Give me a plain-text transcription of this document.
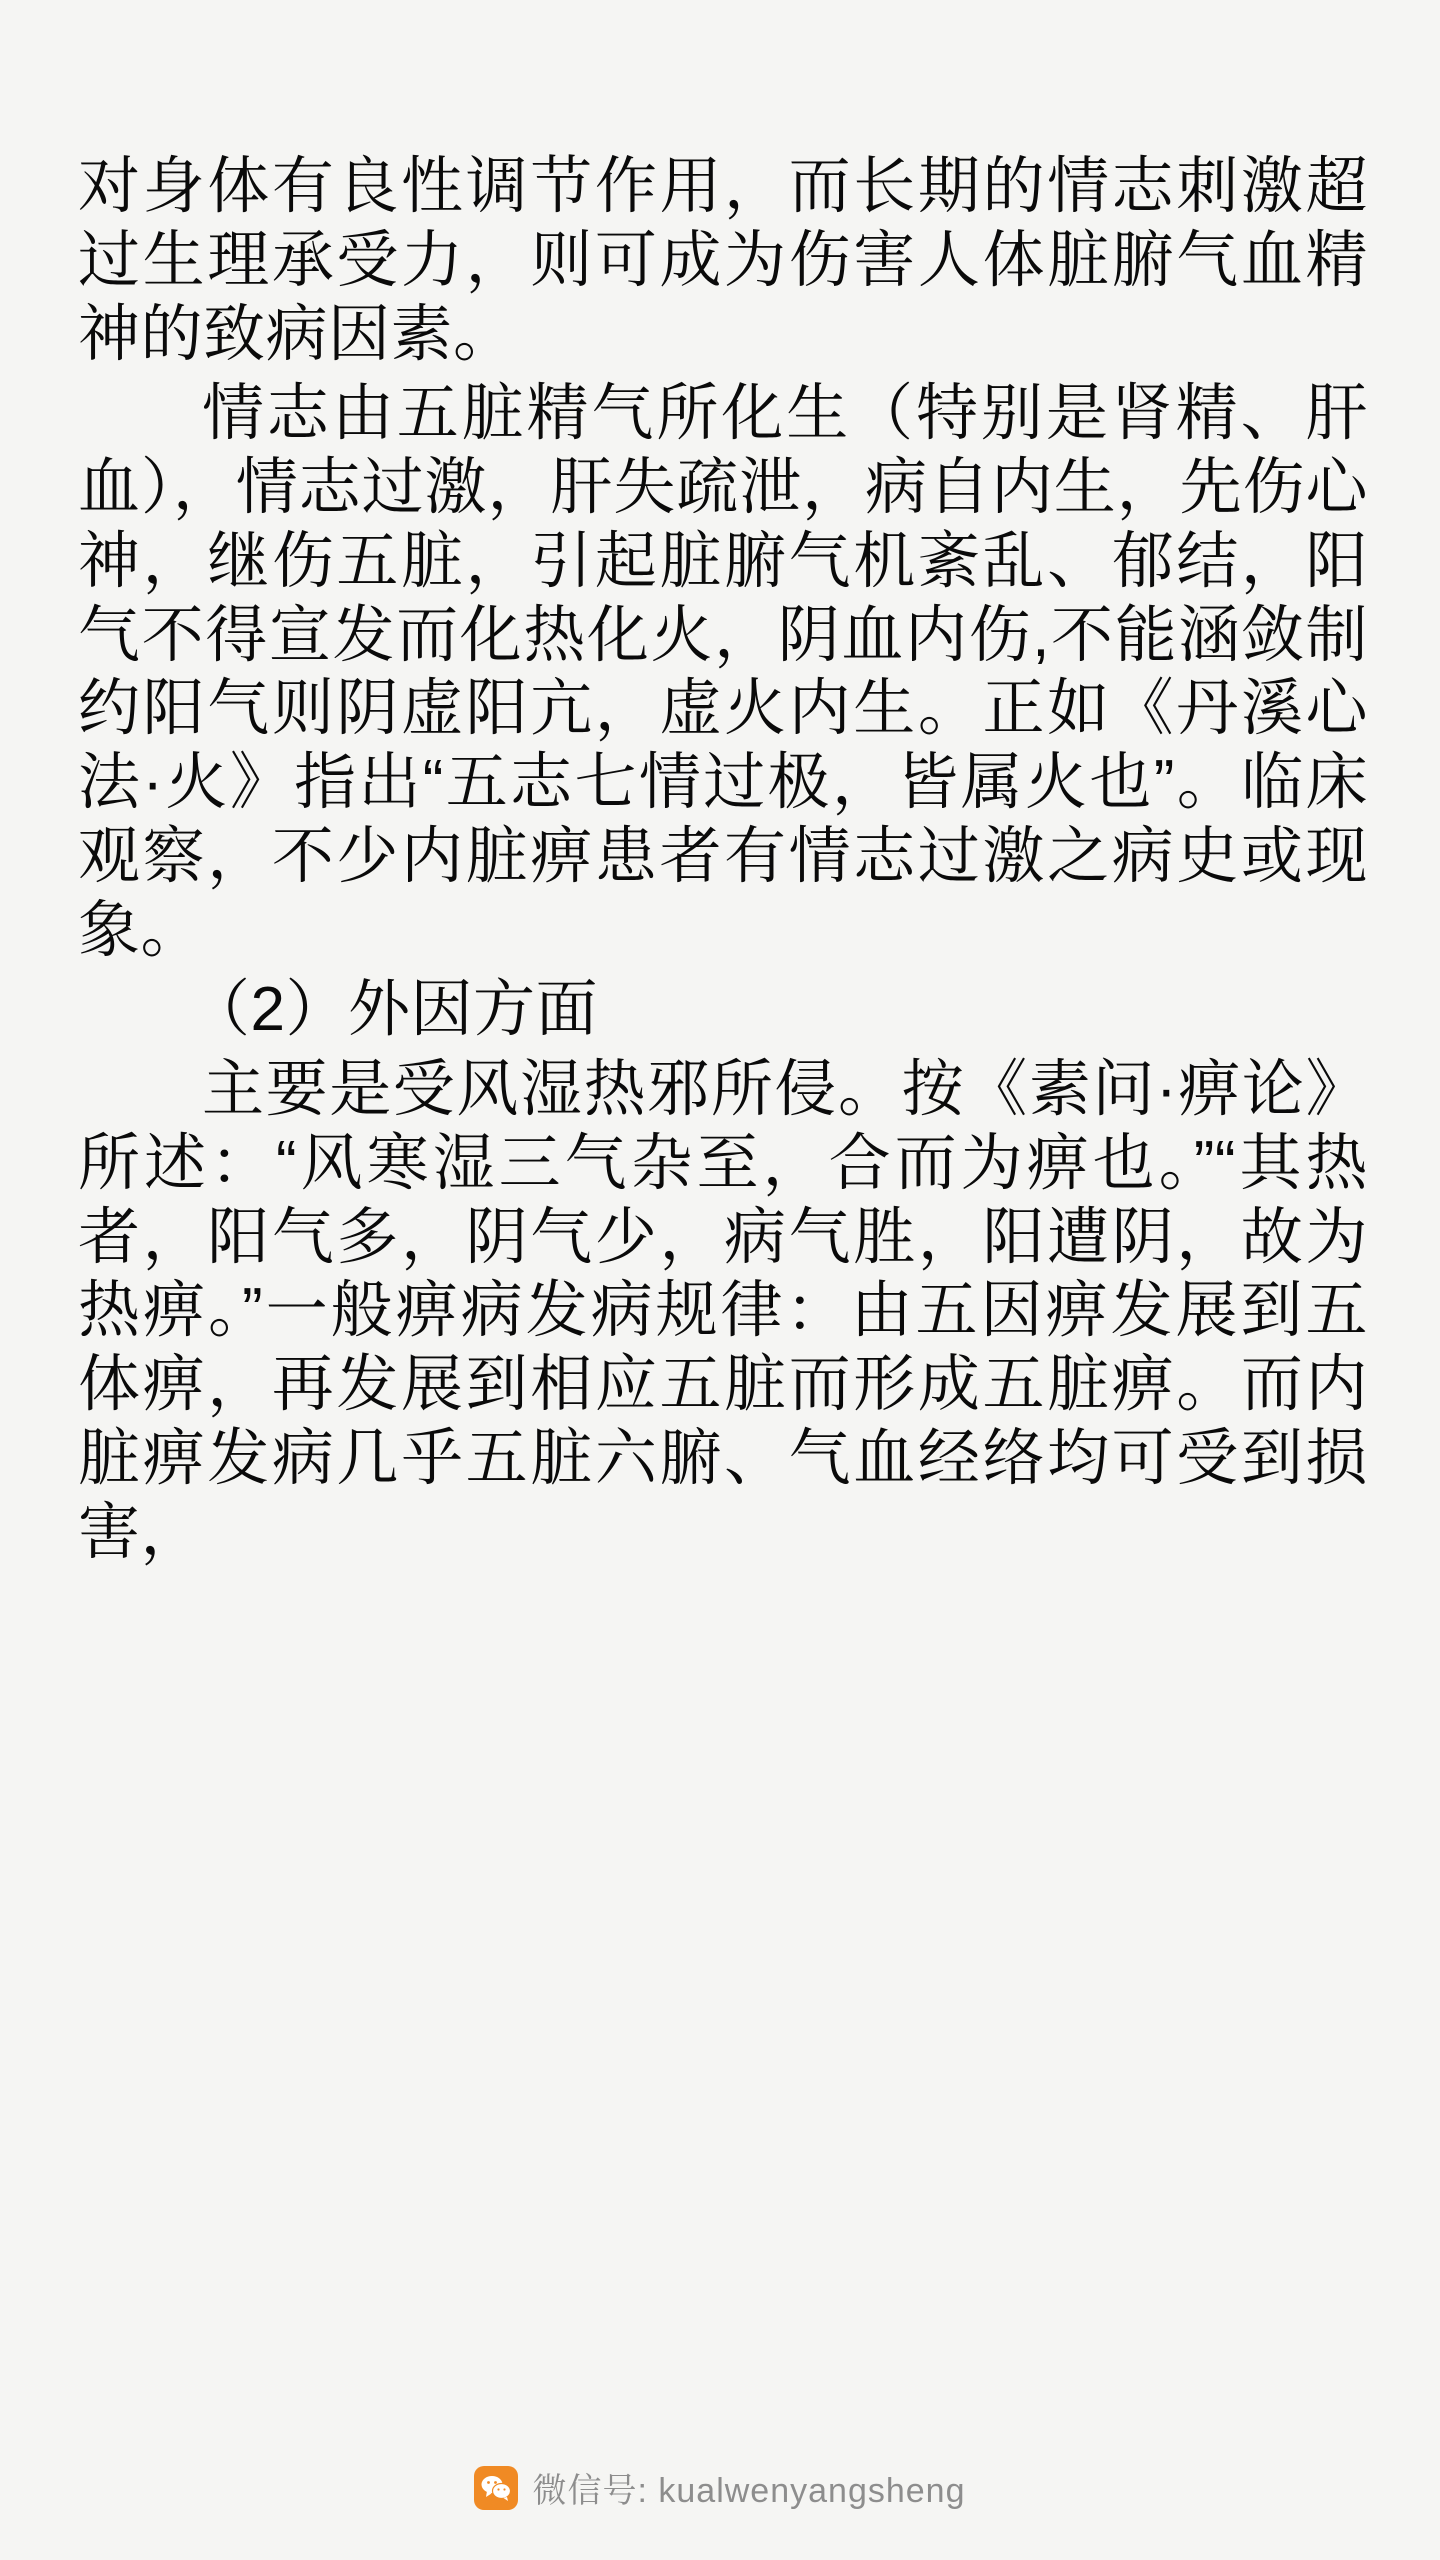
对身体有良性调节作用，而长期的情志刺激超过生理承受力，则可成为伤害人体脏腑气血精神的致病因素。

情志由五脏精气所化生（特别是肾精、肝血），情志过激，肝失疏泄，病自内生，先伤心神，继伤五脏，引起脏腑气机紊乱、郁结，阳气不得宣发而化热化火，阴血内伤,不能涵敛制约阳气则阴虚阳亢，虚火内生。正如《丹溪心法·火》指出“五志七情过极，皆属火也”。临床观察，不少内脏痹患者有情志过激之病史或现象。

（2）外因方面

主要是受风湿热邪所侵。按《素问·痹论》所述：“风寒湿三气杂至，合而为痹也。”“其热者，阳气多，阴气少，病气胜，阳遭阴，故为热痹。”一般痹病发病规律：由五因痹发展到五体痹，再发展到相应五脏而形成五脏痹。而内脏痹发病几乎五脏六腑、气血经络均可受到损害，

微信号: kualwenyangsheng
